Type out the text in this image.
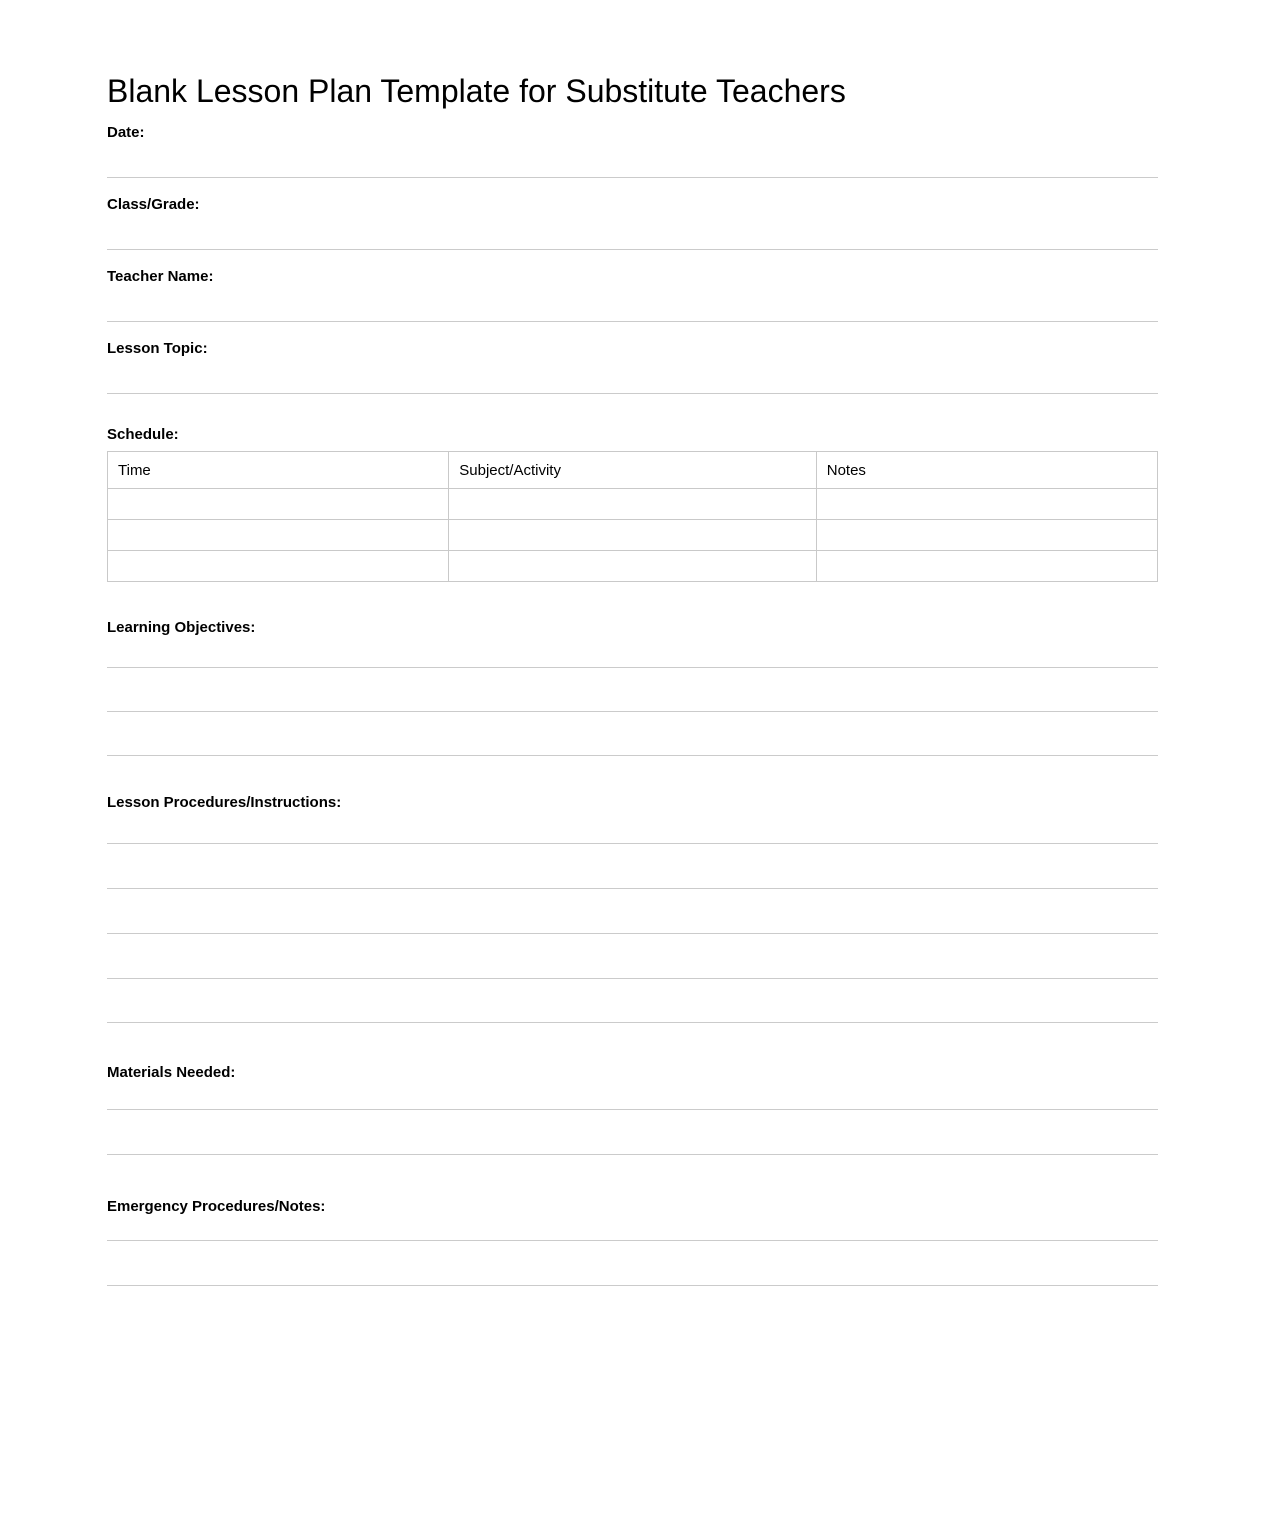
Blank Lesson Plan Template for Substitute Teachers
Date:
Class/Grade:
Teacher Name:
Lesson Topic:
Schedule:
Time	Subject/Activity	Notes

Learning Objectives:
Lesson Procedures/Instructions:
Materials Needed:
Emergency Procedures/Notes:
